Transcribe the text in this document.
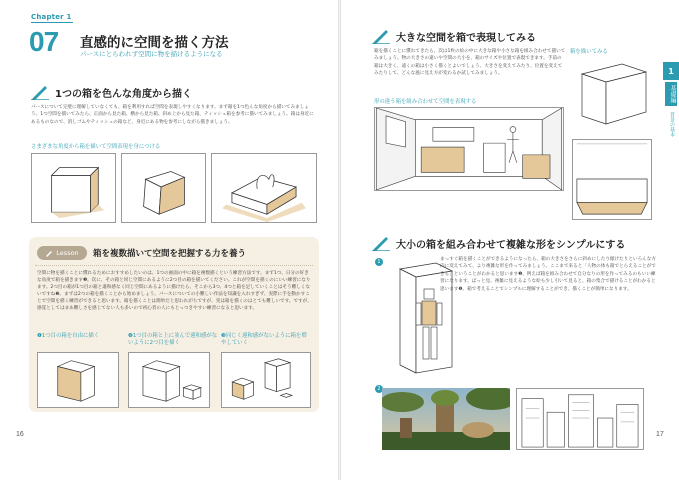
Chapter 1
07 直感的に空間を描く方法
パースにとらわれず空間に物を描けるようになる
1つの箱を色んな角度から描く
パースについて完璧に理解していなくても、箱を利用すれば空間を表現しやすくなります。まず箱を1つ色んな角度から描いてみましょう。1つ空間を描いてみたら、正面から見た箱、横から見た箱、斜め上から見た箱、ティッシュ箱を参考に描いてみましょう。箱は身近にあるものなので、消しゴムやティッシュの箱など、身近にある物を参考にしながら描きましょう。
さまざまな角度から箱を描いて空間表現を身につける
Lesson 箱を複数描いて空間を把握する力を養う
空間に物を描くことに慣れるためにおすすめしたいのは、1つの画面の中に箱を複数描くという練習方法です。まず1つ、日分の好きな角度で箱を描きます❶。次に、その箱と同じ空間にあるように2つ目の箱を描いてください。これが空間を描くのにいい練習になります。2つ目の箱が1つ目の箱と違和感なく同じ空間にあるように描けたら、そこから3つ、4つと箱を足していくことはそう難しくないですね❸。まずは2つの箱を描くことから始めましょう。パースについての小難しい作法を知識を入れすぎず、実際に手を動かすことで空間を描く練習ができると思います。箱を描くことは簡単だと思われがちですが、実は箱を描くのはとても難しいです。ですが、感覚としてはまあ難しさを感じてない人も多いので初心者の人にもとっつきやすい練習になると思います。
❶1つ目の箱を自由に描く	❷1つ目の箱と上に並んで違和感がないように2つ目を描く
❸同じく違和感がないように箱を増やしていく
16
大きな空間を箱で表現してみる
箱を描くことに慣れてきたら、次は1枚の絵の中に大きな箱や小さな箱を組み合わせて描いてみましょう。物の大きさの違いや空間の大小を、箱のサイズや位置で表現できます。手前の箱は大きく、遠くの箱は小さく描くとよいでしょう。大きさを変えてみたり、位置を変えてみたりして、どんな風に見え方が変わるか試してみましょう。
箱を描いてみる
形の違う箱を組み合わせて空間を表現する
大小の箱を組み合わせて複雑な形をシンプルにする
1	まっすぐ箱を描くことができるようになったら、箱の大きさをさらに斜めにしたり傾けたりといろんな方向に変えてみて、より複雑な形を作ってみましょう。ここまで来ると「人物の体も箱でとらえることができる」ということがわかると思います❶。例えば箱を組み合わせて自分なりの形を作ってみるのもいい練習になります。ぱっと見、複雑に見えるような絵も少し引いて見ると、箱の集合で描けることがわかると思います❷。箱で考えることでシンプルに理解することができ、描くことが簡単になります。
2
17
1
基礎編
背景の基本
